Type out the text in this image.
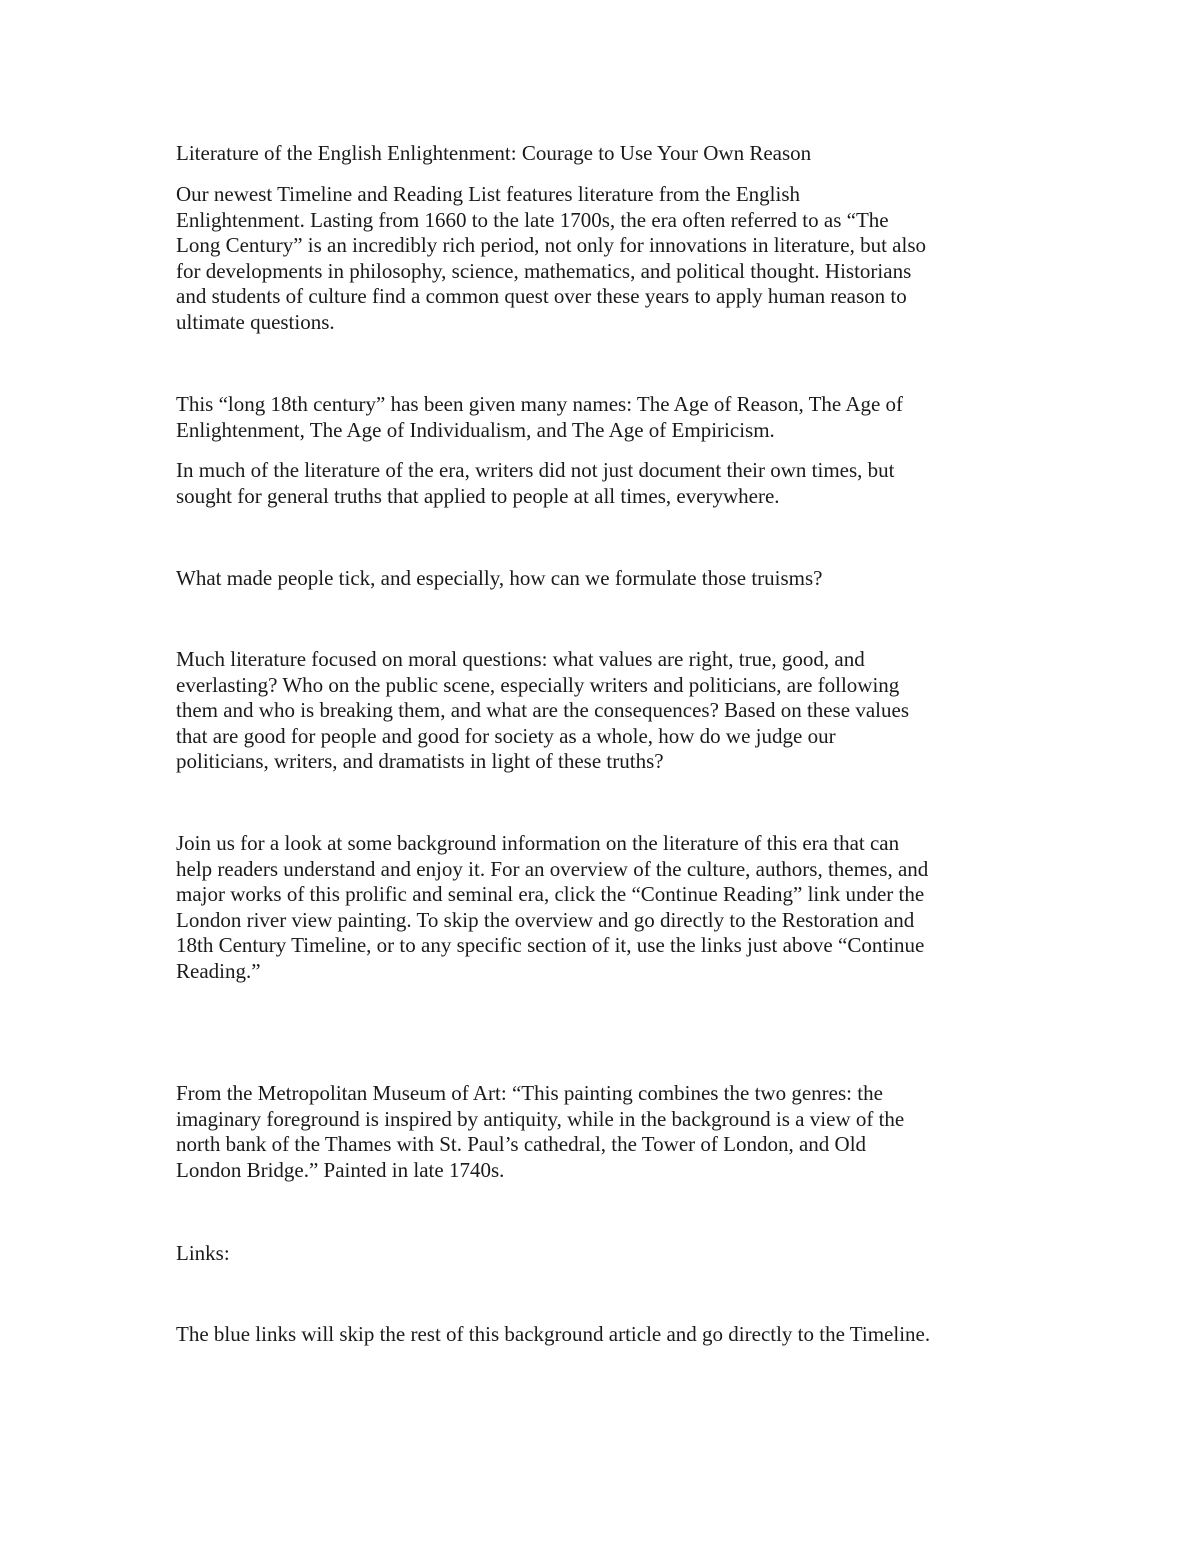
Literature of the English Enlightenment: Courage to Use Your Own Reason

Our newest Timeline and Reading List features literature from the English
Enlightenment. Lasting from 1660 to the late 1700s, the era often referred to as “The
Long Century” is an incredibly rich period, not only for innovations in literature, but also
for developments in philosophy, science, mathematics, and political thought. Historians
and students of culture find a common quest over these years to apply human reason to
ultimate questions.

This “long 18th century” has been given many names: The Age of Reason, The Age of
Enlightenment, The Age of Individualism, and The Age of Empiricism.

In much of the literature of the era, writers did not just document their own times, but
sought for general truths that applied to people at all times, everywhere.

What made people tick, and especially, how can we formulate those truisms?

Much literature focused on moral questions: what values are right, true, good, and
everlasting? Who on the public scene, especially writers and politicians, are following
them and who is breaking them, and what are the consequences? Based on these values
that are good for people and good for society as a whole, how do we judge our
politicians, writers, and dramatists in light of these truths?

Join us for a look at some background information on the literature of this era that can
help readers understand and enjoy it. For an overview of the culture, authors, themes, and
major works of this prolific and seminal era, click the “Continue Reading” link under the
London river view painting. To skip the overview and go directly to the Restoration and
18th Century Timeline, or to any specific section of it, use the links just above “Continue
Reading.”

From the Metropolitan Museum of Art: “This painting combines the two genres: the
imaginary foreground is inspired by antiquity, while in the background is a view of the
north bank of the Thames with St. Paul’s cathedral, the Tower of London, and Old
London Bridge.” Painted in late 1740s.

Links:

The blue links will skip the rest of this background article and go directly to the Timeline.
